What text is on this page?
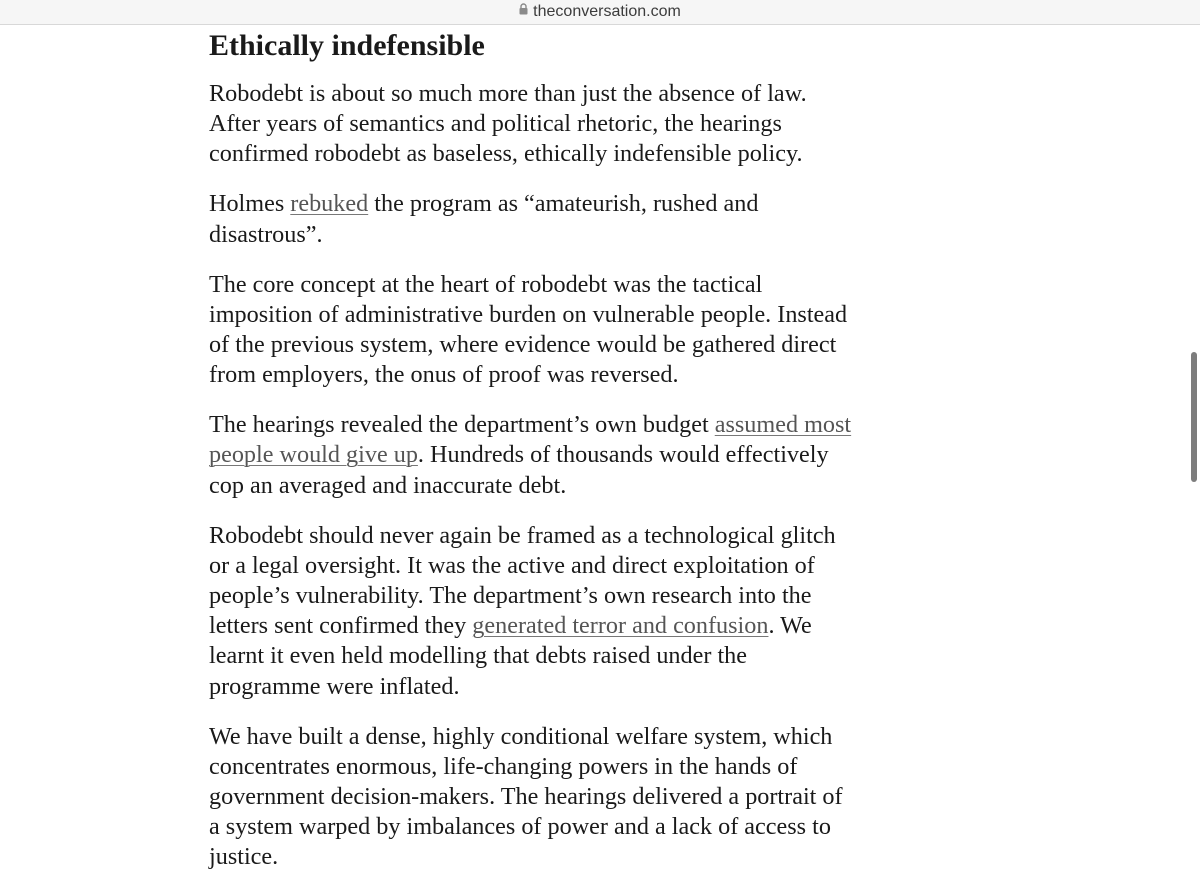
theconversation.com
Ethically indefensible

Robodebt is about so much more than just the absence of law. After years of semantics and political rhetoric, the hearings confirmed robodebt as baseless, ethically indefensible policy.

Holmes rebuked the program as “amateurish, rushed and disastrous”.

The core concept at the heart of robodebt was the tactical imposition of administrative burden on vulnerable people. Instead of the previous system, where evidence would be gathered direct from employers, the onus of proof was reversed.

The hearings revealed the department’s own budget assumed most people would give up. Hundreds of thousands would effectively cop an averaged and inaccurate debt.

Robodebt should never again be framed as a technological glitch or a legal oversight. It was the active and direct exploitation of people’s vulnerability. The department’s own research into the letters sent confirmed they generated terror and confusion. We learnt it even held modelling that debts raised under the programme were inflated.

We have built a dense, highly conditional welfare system, which concentrates enormous, life-changing powers in the hands of government decision-makers. The hearings delivered a portrait of a system warped by imbalances of power and a lack of access to justice.
